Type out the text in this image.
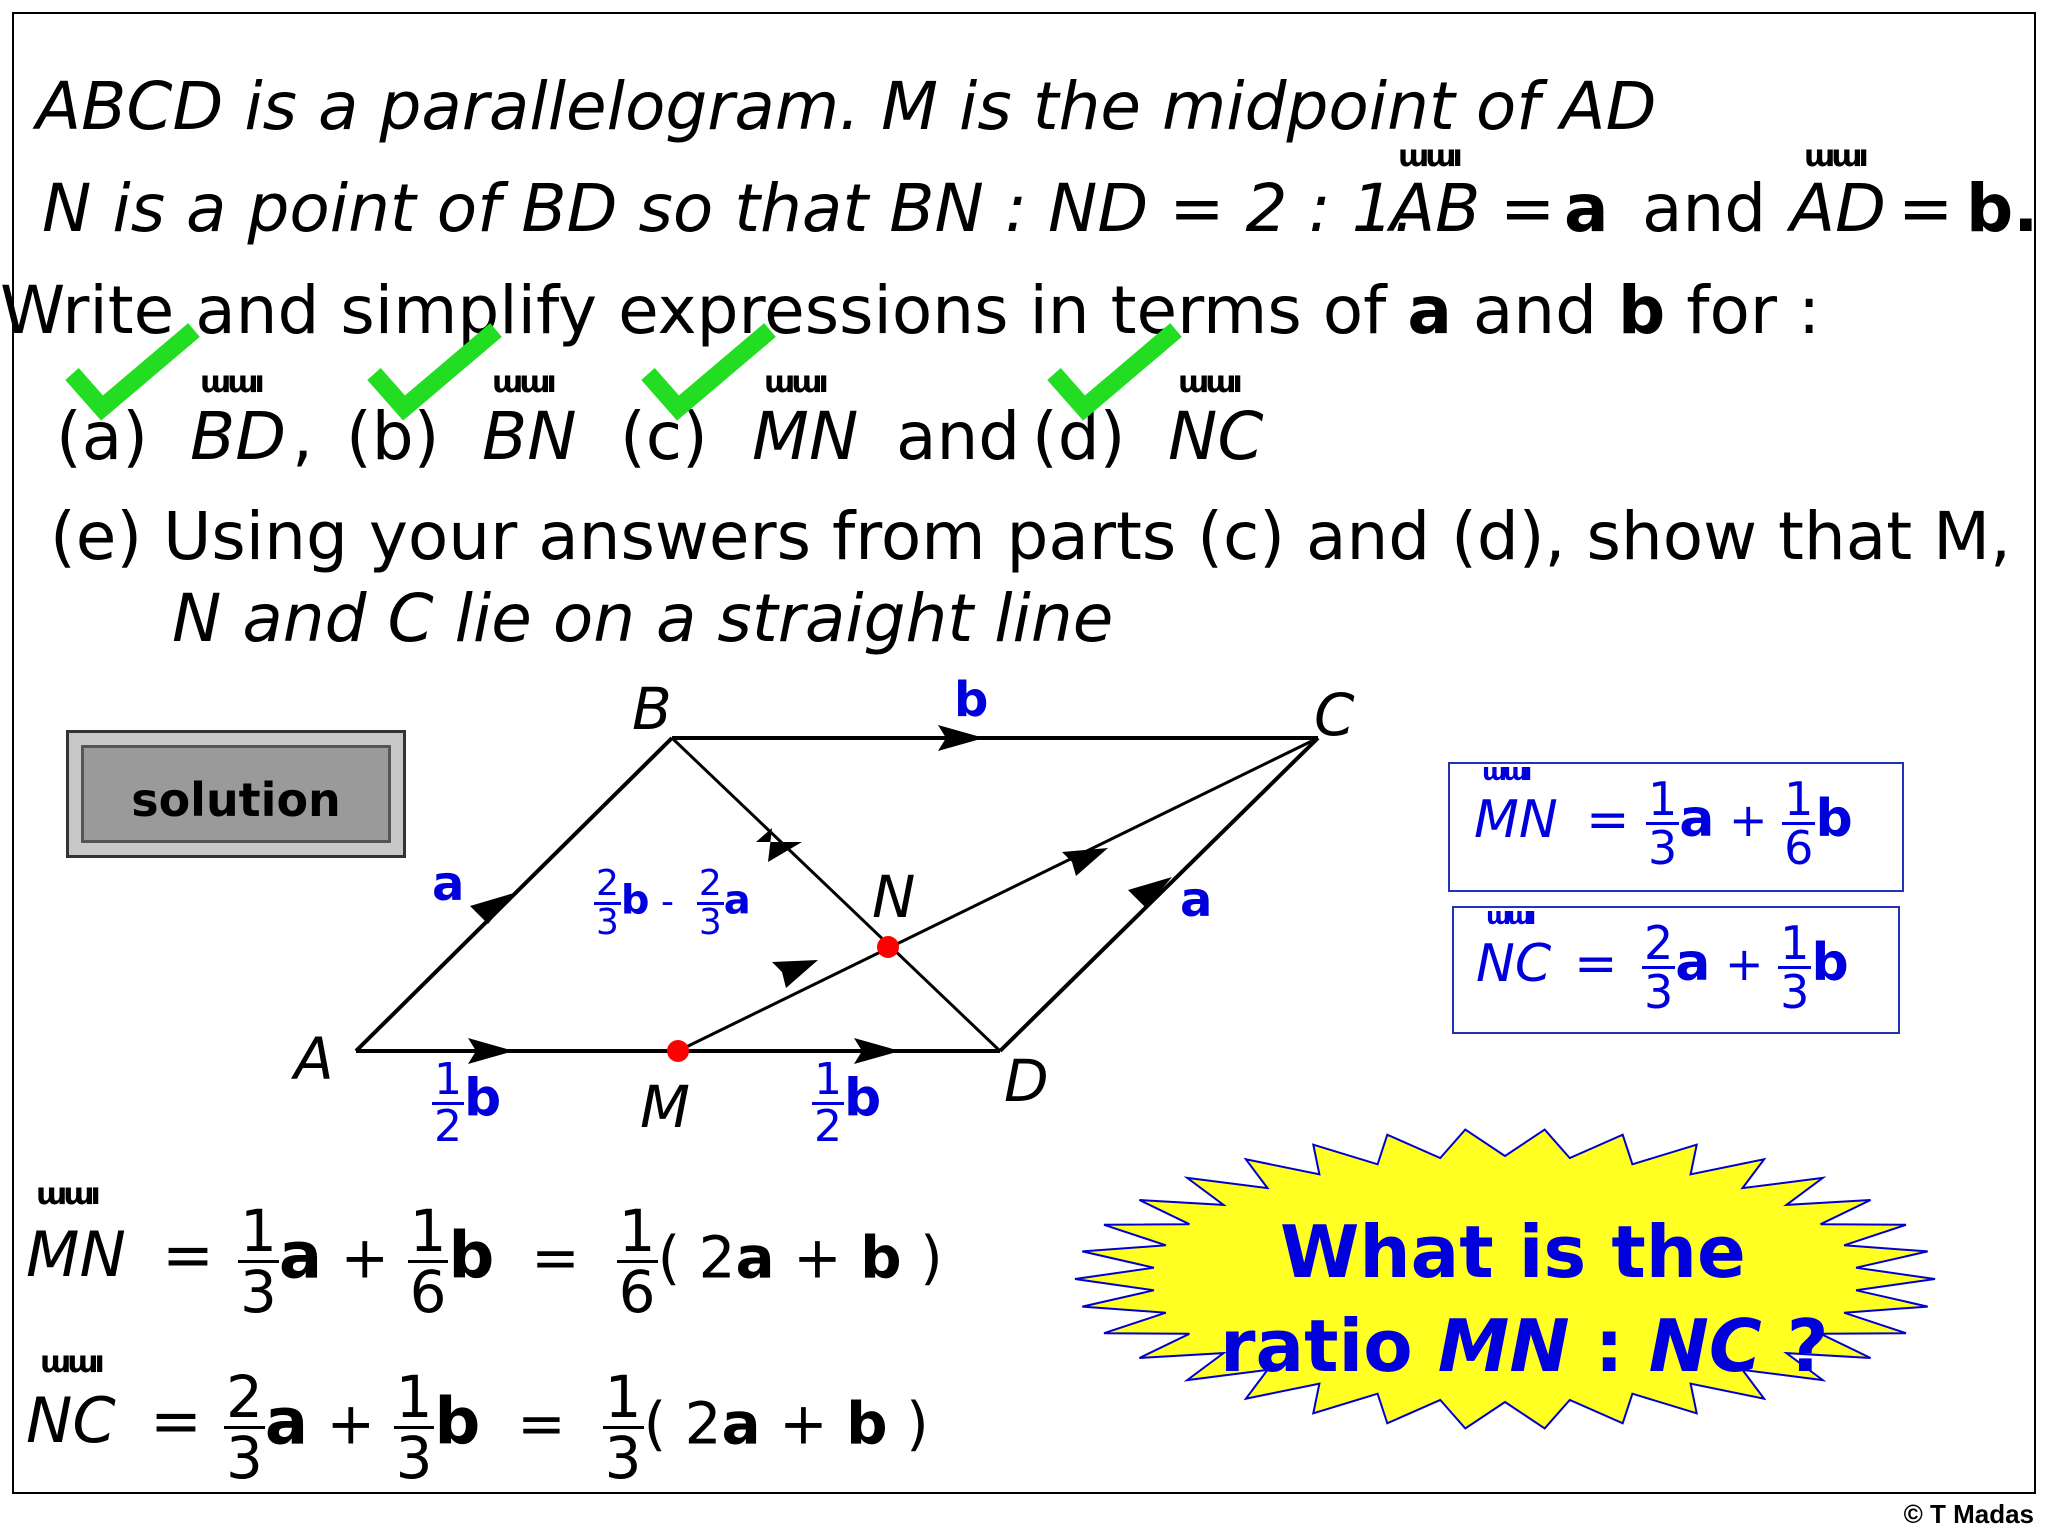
ABCD is a parallelogram. M is the midpoint of AD
N is a point of BD so that BN : ND = 2 : 1.
ɯɯı
AB = a and
ɯɯı
AD = b.
Write and simplify expressions in terms of a and b for :
(a)
ɯɯı
BD , (b)
ɯɯı
BN (c)
ɯɯı
MN and (d)
ɯɯı
NC
(e) Using your answers from parts (c) and (d), show that M,
N and C lie on a straight line
solution
B	C
A	D
M
N
a
b
a
$\frac{1}{2}$ b	$\frac{1}{2}$ b
$\frac{2}{3}$ b - $\frac{2}{3}$ a
ɯɯı
MN = $\frac{1}{3}$ $a + \frac{1}{6}$ b
ɯɯı
NC = $\frac{2}{3}$ $a + \frac{1}{3}$ b
ɯɯı
MN = $\frac{1}{3}$ $a + \frac{1}{6}$ $b = \frac{1}{6}$ ( 2a + b )
ɯɯı
NC = $\frac{2}{3}$ $a + \frac{1}{3}$ $b = \frac{1}{3}$ ( 2a + b )
What is the
ratio MN : NC ?
© T Madas
